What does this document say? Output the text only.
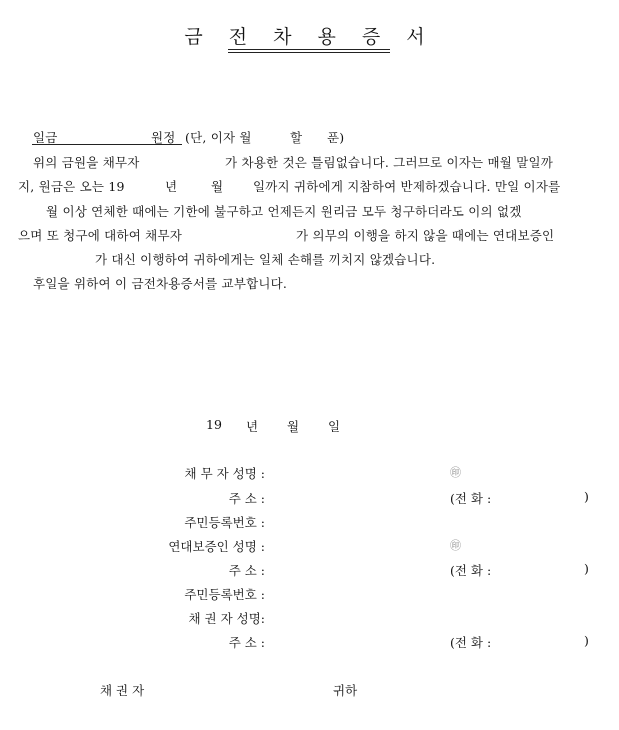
금 전 차 용 증 서
일금	원정 (단, 이자 월	할 푼)
위의 금원을 채무자	가 차용한 것은 틀림없습니다. 그러므로 이자는 매월 말일까
지, 원금은 오는 19	년	월 일까지 귀하에게 지참하여 반제하겠습니다. 만일 이자를
월 이상 연체한 때에는 기한에 불구하고 언제든지 원리금 모두 청구하더라도 이의 없겠
으며 또 청구에 대하여 채무자	가 의무의 이행을 하지 않을 때에는 연대보증인
가 대신 이행하여 귀하에게는 일체 손해를 끼치지 않겠습니다.
후일을 위하여 이 금전차용증서를 교부합니다.
19 년 월 일
채 무 자 성명 :	㊞
주 소 :	(전 화 :	)
주민등록번호 :
연대보증인 성명 :	㊞
주 소 :	(전 화 :	)
주민등록번호 :
채 권 자 성명:
주 소 :	(전 화 :	)
채 권 자	귀하
